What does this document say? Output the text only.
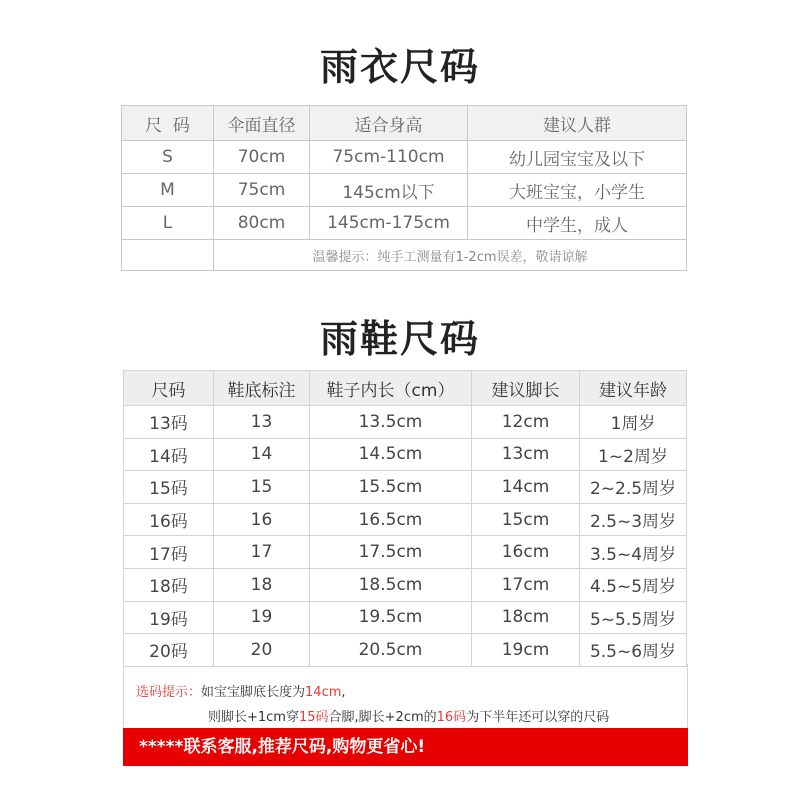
雨衣尺码
尺  码	伞面直径	适合身高	建议人群
S	70cm	75cm-110cm	幼儿园宝宝及以下
M	75cm	145cm以下	大班宝宝，小学生
L	80cm	145cm-175cm	中学生，成人
	温馨提示：纯手工测量有1-2cm误差，敬请谅解		
雨鞋尺码
尺码	鞋底标注	鞋子内长（cm）	建议脚长	建议年龄
13码	13	13.5cm	12cm	1周岁
14码	14	14.5cm	13cm	1~2周岁
15码	15	15.5cm	14cm	2~2.5周岁
16码	16	16.5cm	15cm	2.5~3周岁
17码	17	17.5cm	16cm	3.5~4周岁
18码	18	18.5cm	17cm	4.5~5周岁
19码	19	19.5cm	18cm	5~5.5周岁
20码	20	20.5cm	19cm	5.5~6周岁
选码提示：如宝宝脚底长度为14cm,
则脚长+1cm穿15码合脚,脚长+2cm的16码为下半年还可以穿的尺码
*****联系客服,推荐尺码,购物更省心!
